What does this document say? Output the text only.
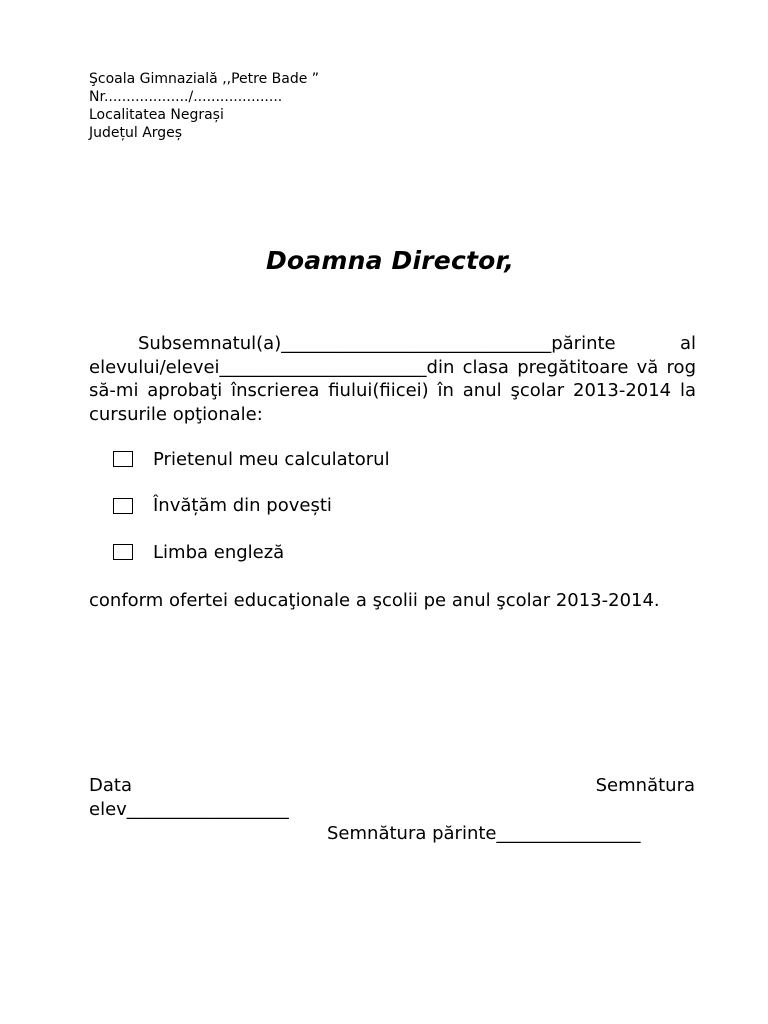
Şcoala Gimnazială ,,Petre Bade ”
Nr.................../....................
Localitatea Negrași
Județul Argeș
Doamna Director,
Subsemnatul(a)______________________________părinte al elevului/elevei_______________________din clasa pregătitoare vă rog să-mi aprobaţi înscrierea fiului(fiicei) în anul şcolar 2013-2014 la cursurile opţionale:
Prietenul meu calculatorul
Învățăm din povești
Limba engleză
conform ofertei educaţionale a şcolii pe anul şcolar 2013-2014.
Data	Semnătura
elev__________________
Semnătura părinte________________
